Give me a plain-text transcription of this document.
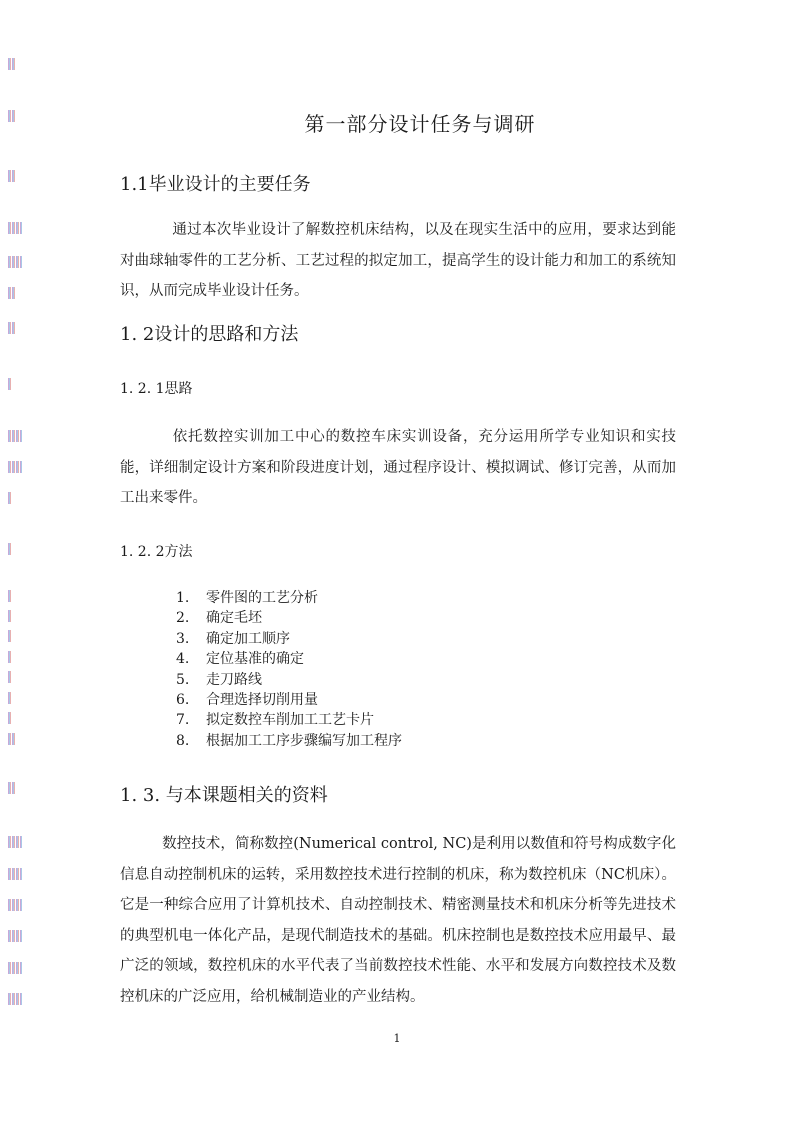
第一部分设计任务与调研
1.1毕业设计的主要任务

通过本次毕业设计了解数控机床结构，以及在现实生活中的应用，要求达到能对曲球轴零件的工艺分析、工艺过程的拟定加工，提高学生的设计能力和加工的系统知识，从而完成毕业设计任务。

1. 2设计的思路和方法
1. 2. 1思路

依托数控实训加工中心的数控车床实训设备，充分运用所学专业知识和实技能，详细制定设计方案和阶段进度计划，通过程序设计、模拟调试、修订完善，从而加工出来零件。

1. 2. 2方法
1.	零件图的工艺分析
2.	确定毛坯
3.	确定加工顺序
4.	定位基准的确定
5.	走刀路线
6.	合理选择切削用量
7.	拟定数控车削加工工艺卡片
8.	根据加工工序步骤编写加工程序
1. 3. 与本课题相关的资料

数控技术，简称数控(Numerical control, NC)是利用以数值和符号构成数字化信息自动控制机床的运转，采用数控技术进行控制的机床，称为数控机床（NC机床）。它是一种综合应用了计算机技术、自动控制技术、精密测量技术和机床分析等先进技术的典型机电一体化产品，是现代制造技术的基础。机床控制也是数控技术应用最早、最广泛的领域，数控机床的水平代表了当前数控技术性能、水平和发展方向数控技术及数控机床的广泛应用，给机械制造业的产业结构。

1
